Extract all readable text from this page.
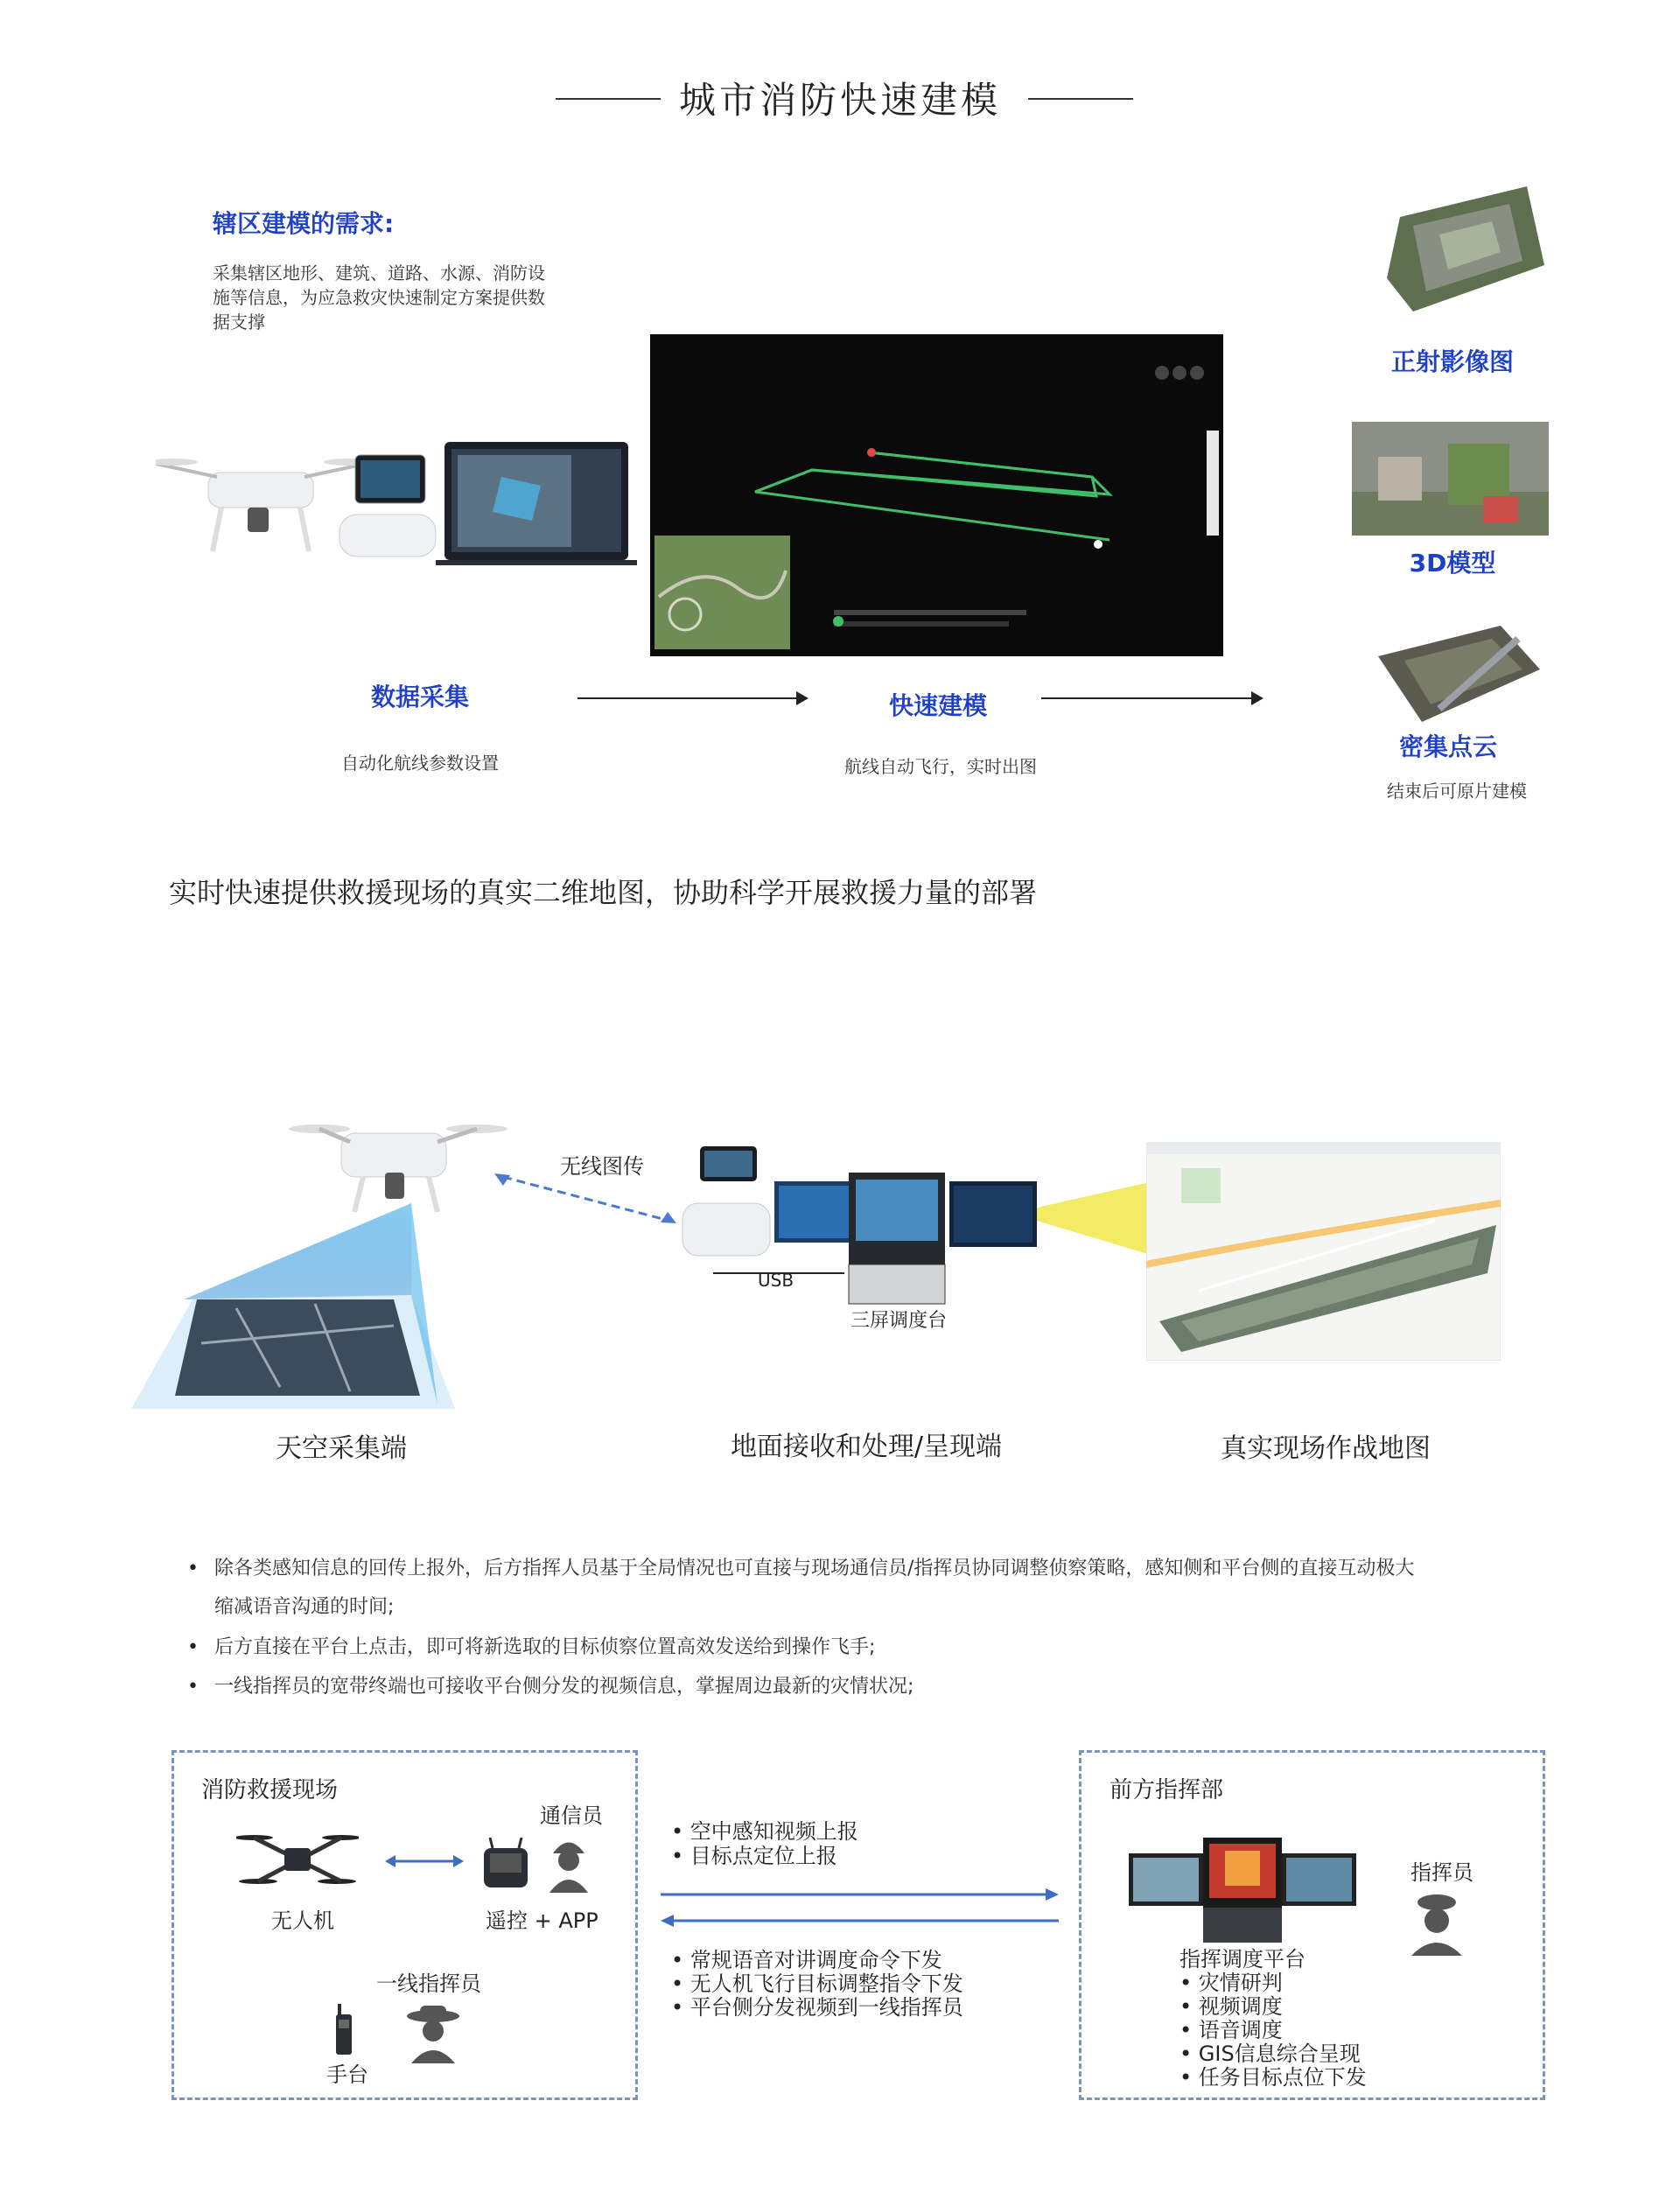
城市消防快速建模
辖区建模的需求:
采集辖区地形、建筑、道路、水源、消防设
施等信息，为应急救灾快速制定方案提供数
据支撑
正射影像图
3D模型
密集点云
结束后可原片建模
数据采集
自动化航线参数设置
快速建模
航线自动飞行，实时出图
实时快速提供救援现场的真实二维地图，协助科学开展救援力量的部署
无线图传
USB
三屏调度台
天空采集端	地面接收和处理/呈现端	真实现场作战地图
• 除各类感知信息的回传上报外，后方指挥人员基于全局情况也可直接与现场通信员/指挥员协同调整侦察策略，感知侧和平台侧的直接互动极大
缩减语音沟通的时间;
• 后方直接在平台上点击，即可将新选取的目标侦察位置高效发送给到操作飞手;
• 一线指挥员的宽带终端也可接收平台侧分发的视频信息，掌握周边最新的灾情状况;
消防救援现场
无人机
通信员
遥控 + APP
一线指挥员
手台
• 空中感知视频上报
• 目标点定位上报
• 常规语音对讲调度命令下发
• 无人机飞行目标调整指令下发
• 平台侧分发视频到一线指挥员
前方指挥部
指挥员
指挥调度平台
• 灾情研判
• 视频调度
• 语音调度
• GIS信息综合呈现
• 任务目标点位下发
